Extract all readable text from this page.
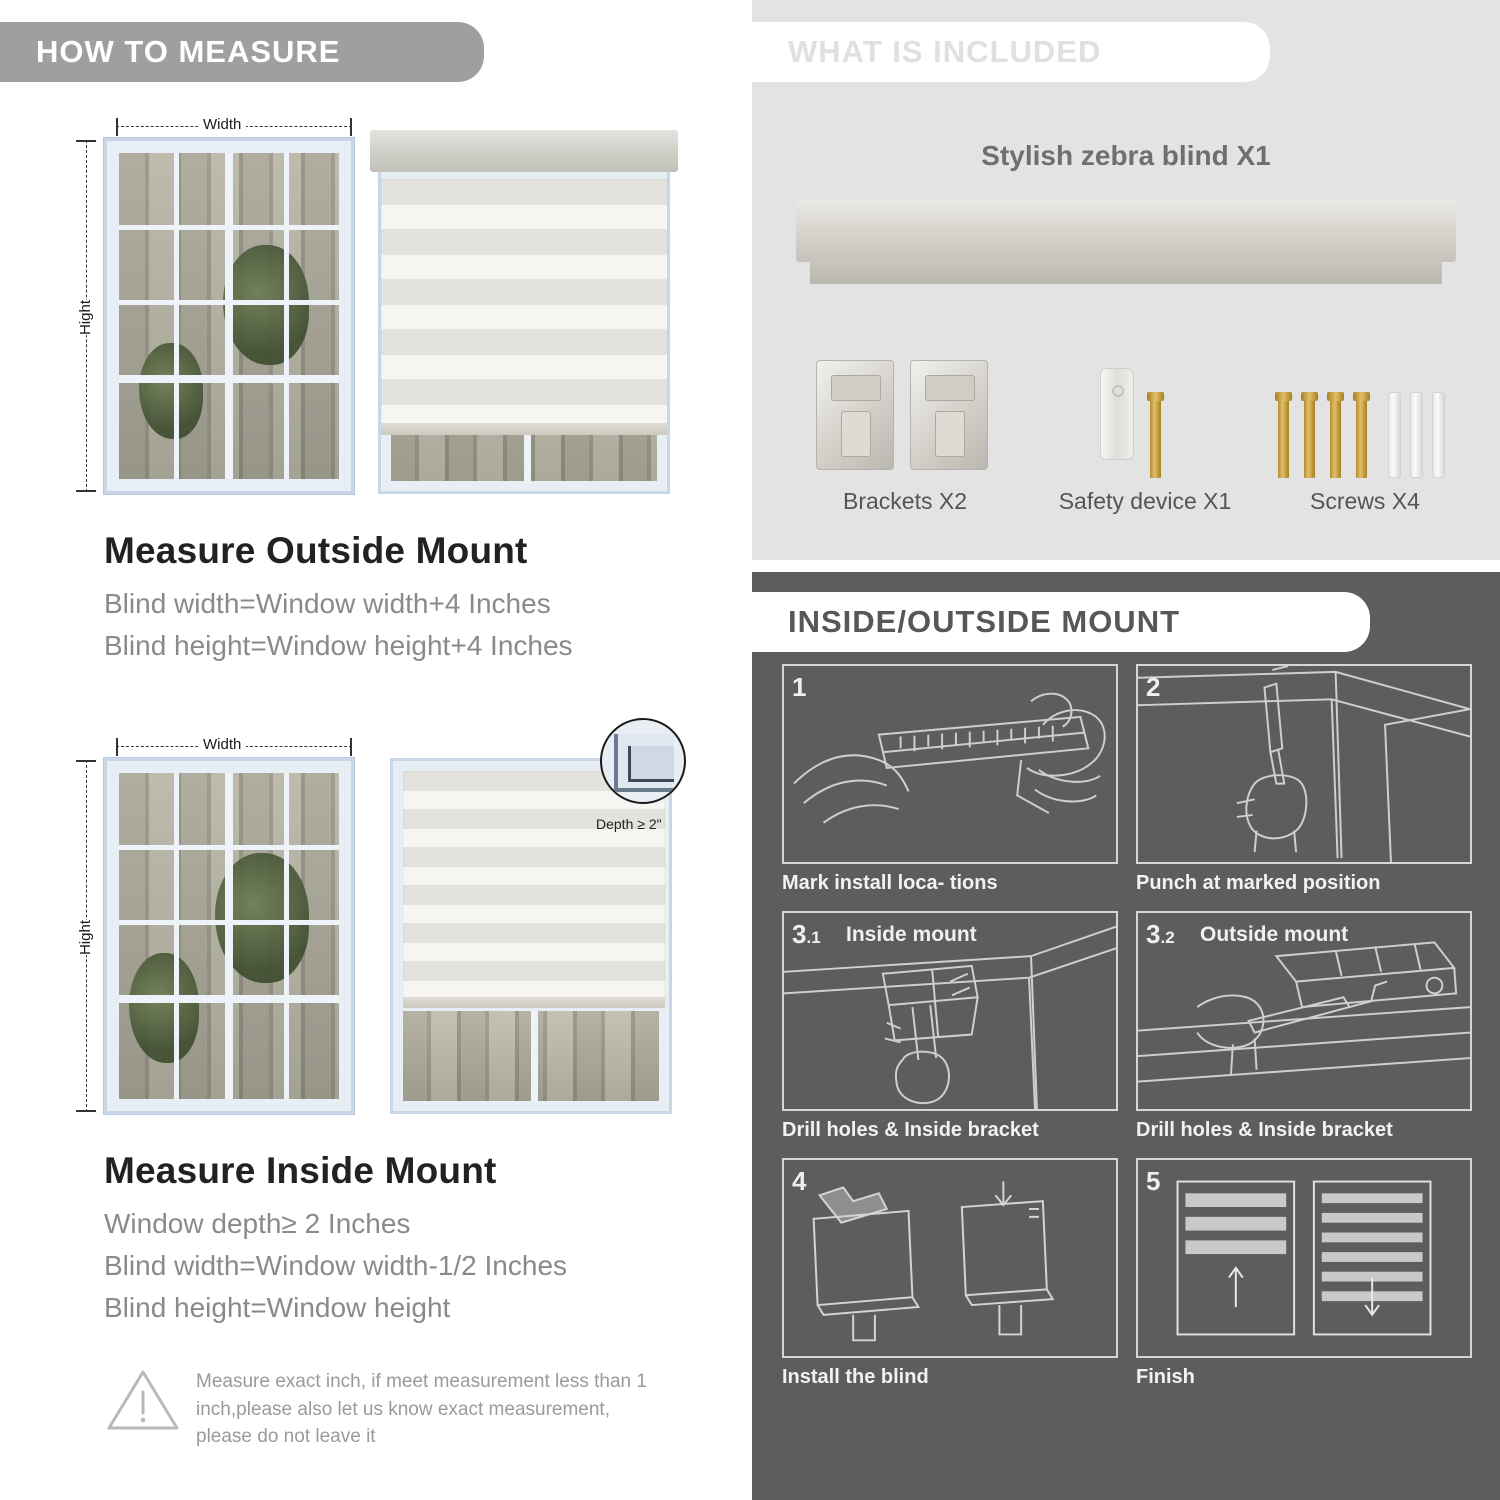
HOW TO MEASURE
Width
Hight
Measure Outside Mount
Blind width=Window width+4 Inches
Blind height=Window height+4 Inches
Width
Hight
Depth ≥ 2"
Measure Inside Mount
Window depth≥ 2 Inches
Blind width=Window width-1/2 Inches
Blind height=Window height
Measure exact inch, if meet measurement less than 1 inch,please also let us know exact measurement, please do not leave it
WHAT IS INCLUDED
Stylish zebra blind X1
Brackets X2	Safety device X1	Screws X4
INSIDE/OUTSIDE MOUNT
1
Mark install loca- tions
2
Punch at marked position
3.1 Inside mount
Drill holes & Inside bracket
3.2 Outside mount
Drill holes & Inside bracket
4
Install the blind
5
Finish
